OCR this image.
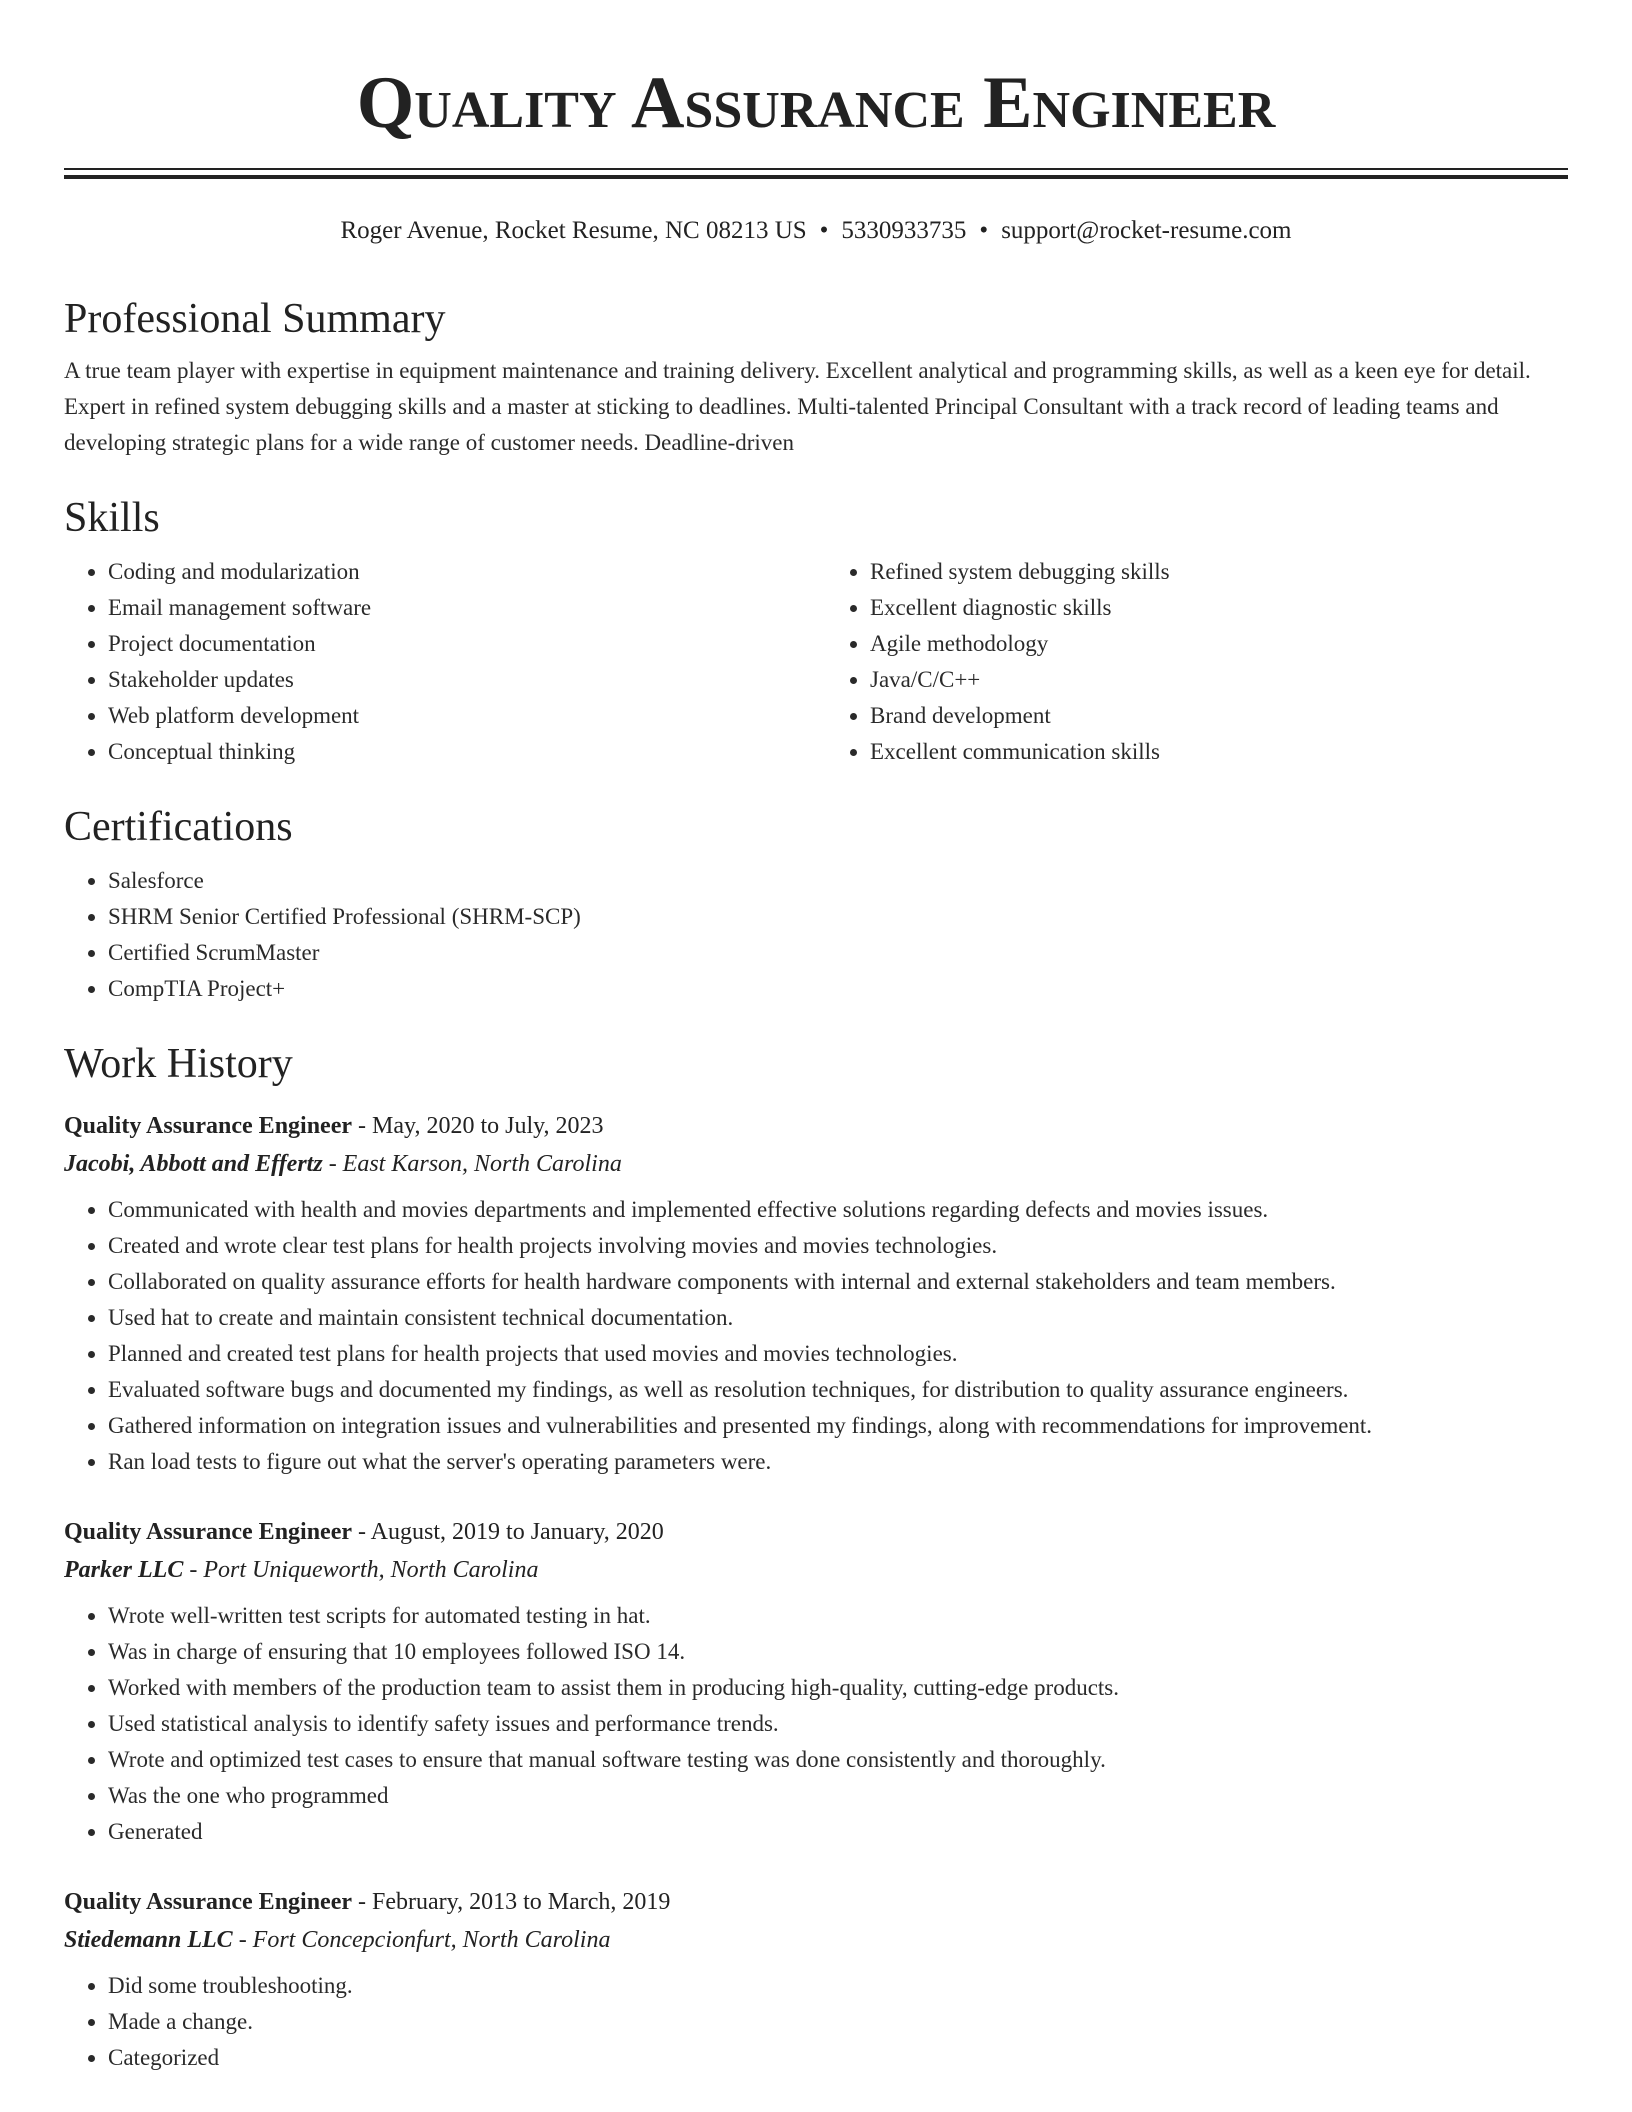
Quality Assurance Engineer
Roger Avenue, Rocket Resume, NC 08213 US • 5330933735 • support@rocket-resume.com
Professional Summary

A true team player with expertise in equipment maintenance and training delivery. Excellent analytical and programming skills, as well as a keen eye for detail. Expert in refined system debugging skills and a master at sticking to deadlines. Multi-talented Principal Consultant with a track record of leading teams and developing strategic plans for a wide range of customer needs. Deadline-driven

Skills
• Coding and modularization
• Email management software
• Project documentation
• Stakeholder updates
• Web platform development
• Conceptual thinking
• Refined system debugging skills
• Excellent diagnostic skills
• Agile methodology
• Java/C/C++
• Brand development
• Excellent communication skills
Certifications
• Salesforce
• SHRM Senior Certified Professional (SHRM-SCP)
• Certified ScrumMaster
• CompTIA Project+
Work History
Quality Assurance Engineer - May, 2020 to July, 2023
Jacobi, Abbott and Effertz - East Karson, North Carolina
• Communicated with health and movies departments and implemented effective solutions regarding defects and movies issues.
• Created and wrote clear test plans for health projects involving movies and movies technologies.
• Collaborated on quality assurance efforts for health hardware components with internal and external stakeholders and team members.
• Used hat to create and maintain consistent technical documentation.
• Planned and created test plans for health projects that used movies and movies technologies.
• Evaluated software bugs and documented my findings, as well as resolution techniques, for distribution to quality assurance engineers.
• Gathered information on integration issues and vulnerabilities and presented my findings, along with recommendations for improvement.
• Ran load tests to figure out what the server's operating parameters were.
Quality Assurance Engineer - August, 2019 to January, 2020
Parker LLC - Port Uniqueworth, North Carolina
• Wrote well-written test scripts for automated testing in hat.
• Was in charge of ensuring that 10 employees followed ISO 14.
• Worked with members of the production team to assist them in producing high-quality, cutting-edge products.
• Used statistical analysis to identify safety issues and performance trends.
• Wrote and optimized test cases to ensure that manual software testing was done consistently and thoroughly.
• Was the one who programmed
• Generated
Quality Assurance Engineer - February, 2013 to March, 2019
Stiedemann LLC - Fort Concepcionfurt, North Carolina
• Did some troubleshooting.
• Made a change.
• Categorized
